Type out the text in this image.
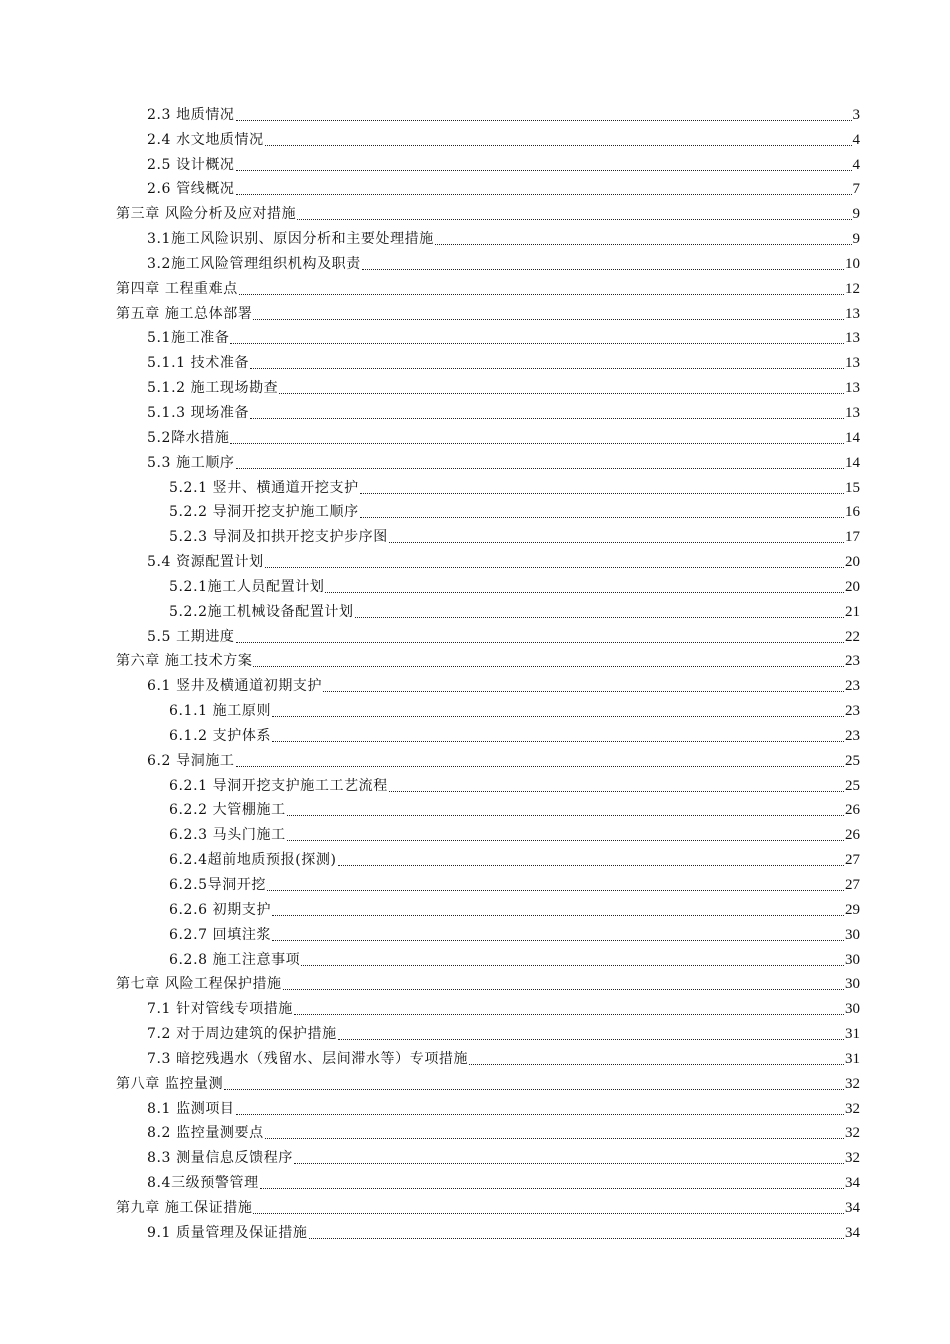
2.3 地质情况	3
2.4 水文地质情况	4
2.5 设计概况	4
2.6 管线概况	7
第三章 风险分析及应对措施	9
3.1施工风险识别、原因分析和主要处理措施	9
3.2施工风险管理组织机构及职责	10
第四章 工程重难点	12
第五章 施工总体部署	13
5.1施工准备	13
5.1.1 技术准备	13
5.1.2 施工现场勘查	13
5.1.3 现场准备	13
5.2降水措施	14
5.3 施工顺序	14
5.2.1 竖井、横通道开挖支护	15
5.2.2 导洞开挖支护施工顺序	16
5.2.3 导洞及扣拱开挖支护步序图	17
5.4 资源配置计划	20
5.2.1施工人员配置计划	20
5.2.2施工机械设备配置计划	21
5.5 工期进度	22
第六章 施工技术方案	23
6.1 竖井及横通道初期支护	23
6.1.1 施工原则	23
6.1.2 支护体系	23
6.2 导洞施工	25
6.2.1 导洞开挖支护施工工艺流程	25
6.2.2 大管棚施工	26
6.2.3 马头门施工	26
6.2.4超前地质预报(探测)	27
6.2.5导洞开挖	27
6.2.6 初期支护	29
6.2.7 回填注浆	30
6.2.8 施工注意事项	30
第七章 风险工程保护措施	30
7.1 针对管线专项措施	30
7.2 对于周边建筑的保护措施	31
7.3 暗挖残遇水（残留水、层间滞水等）专项措施	31
第八章 监控量测	32
8.1 监测项目	32
8.2 监控量测要点	32
8.3 测量信息反馈程序	32
8.4三级预警管理	34
第九章 施工保证措施	34
9.1 质量管理及保证措施	34
